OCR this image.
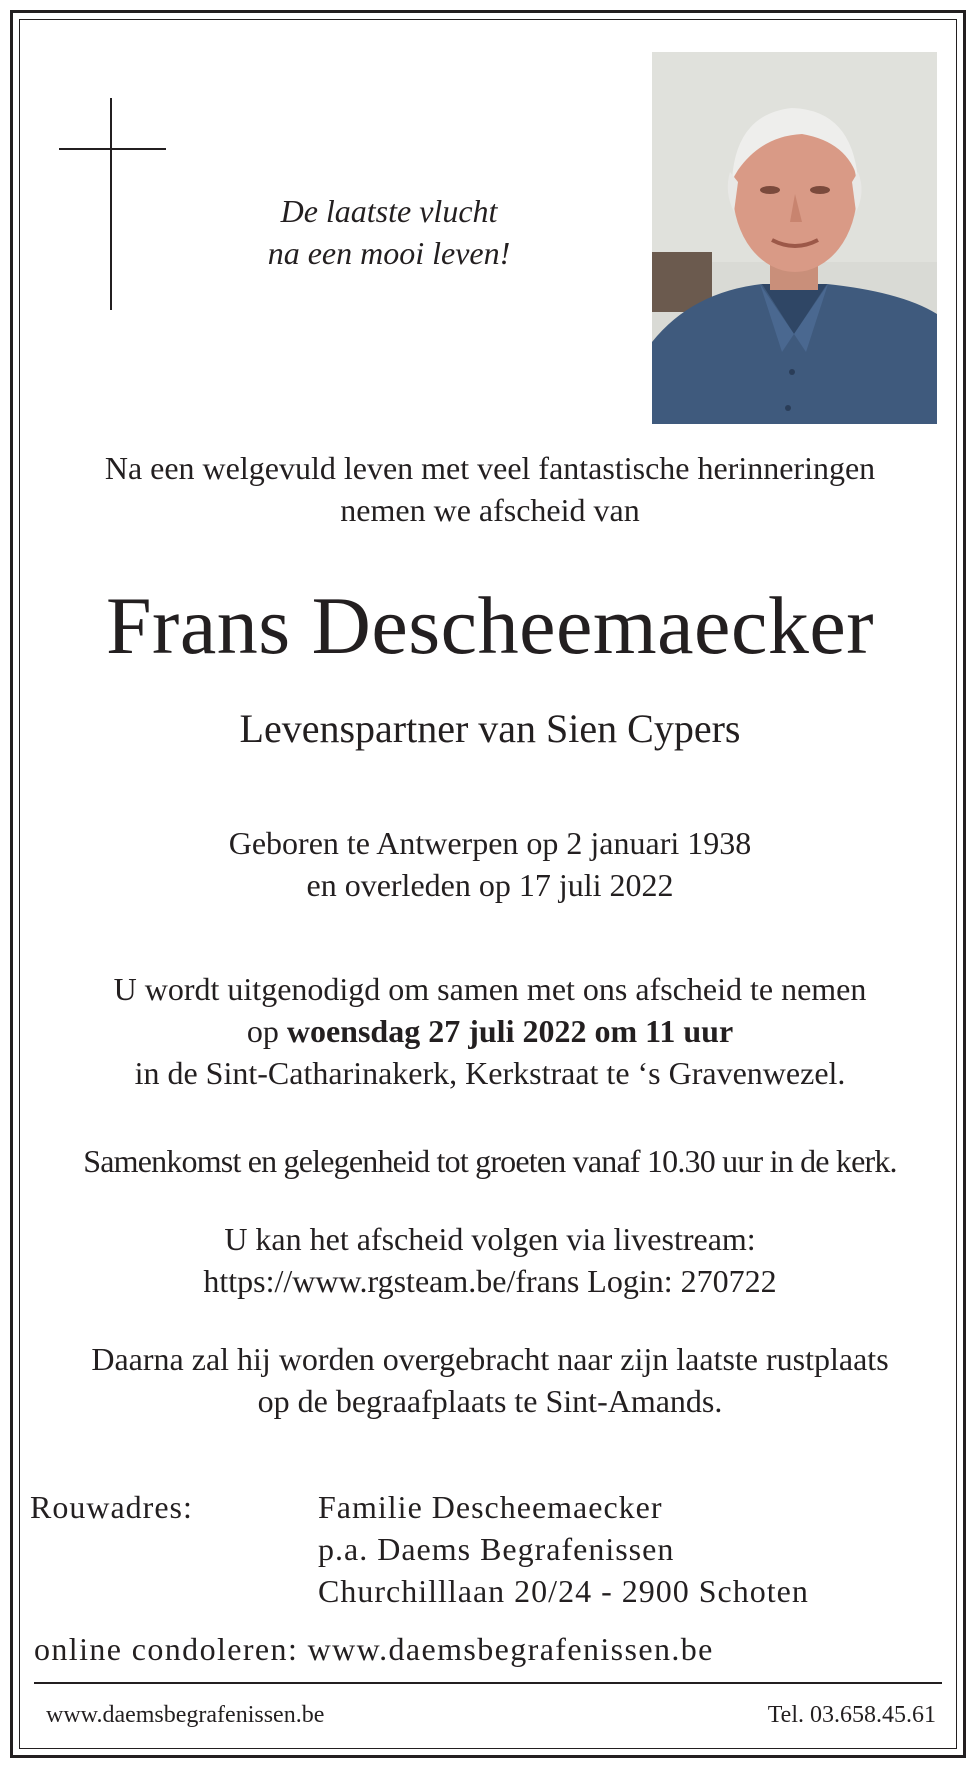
De laatste vlucht
na een mooi leven!
Na een welgevuld leven met veel fantastische herinneringen
nemen we afscheid van
Frans Descheemaecker
Levenspartner van Sien Cypers
Geboren te Antwerpen op 2 januari 1938
en overleden op 17 juli 2022
U wordt uitgenodigd om samen met ons afscheid te nemen
op woensdag 27 juli 2022 om 11 uur
in de Sint-Catharinakerk, Kerkstraat te ‘s Gravenwezel.
Samenkomst en gelegenheid tot groeten vanaf 10.30 uur in de kerk.
U kan het afscheid volgen via livestream:
https://www.rgsteam.be/frans Login: 270722
Daarna zal hij worden overgebracht naar zijn laatste rustplaats
op de begraafplaats te Sint-Amands.
Rouwadres:	Familie Descheemaecker
p.a. Daems Begrafenissen
Churchilllaan 20/24 - 2900 Schoten
online condoleren: www.daemsbegrafenissen.be
www.daemsbegrafenissen.be	Tel. 03.658.45.61
